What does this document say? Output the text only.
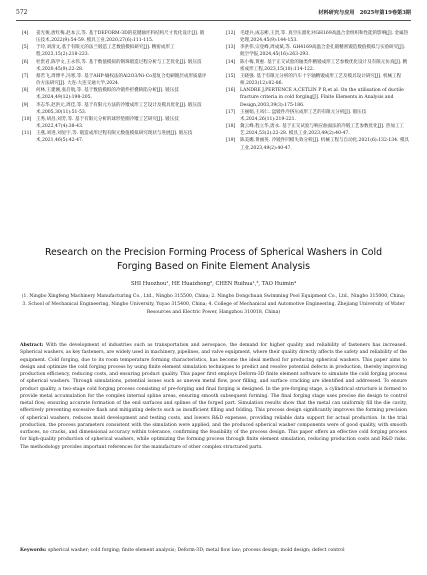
572	材料研究与应用　2025年第19卷第3期
[4]	姜光俊,唐红梅,赵本云,等. 基于DEFORM-3D的花键轴坯料结构尺寸优化设计[J]. 锻压技术,2022(9):54-59. 模具工业,2020,27(6):111-115.
[5]	于玲,刘清文,基于有限元的法兰锻造工艺数值模拟研究[J]. 精密成形工程,2023,15(2):218-223.
[6]	杜贵君,陈学文,王永伟,等. 基于数值模拟的钢珠锻造过程分析与工艺优化[J]. 锻压技术,2020,45(9):22-28.
[7]	蔡若飞,周博平,冯寒,等. 基于AHP-熵权法的Al2O3/Ni-Co基复合电刷镀层成形质量评价方法研究[J]. 大连:大连交通大学,2024.
[8]	何林,王建刚,张启航,等. 基于数值模拟的冷锻件折叠缺陷分析[J]. 锻压技术,2024,49(12):198-205.
[9]	李志华,赵洪元,周佳,等. 基于有限元方法的冷镦成形工艺设计及模具优化[J]. 锻压技术,2005,30(11):51-53.
[10]	王秀,胡昌,刘芳,等. 基于有限元分析的球形垫圈冷镦工艺研究[J]. 锻压技术,2022,47(4):38-43.
[11]	王燕,刘进,刘星宇,等. 锻造成形过程有限元数值模拟研究现状与进展[J]. 锻压技术,2021,46(5):42-47.
[12]	毛建兵,成志彬,王贵,等. 真空压溜化对GH169高温合金组织和性能的影响[J]. 金属热处理,2024,45(9):144-153.
[13]	李洪伟,宗登峰,周成斌,等. GH4169高温合金孔锻精密锻造数值模拟与实验研究[J]. 航空学报,2024,45(16):263-293.
[14]	陈小梅,黄惠. 基于正交试验的轴类件精锻成形工艺参数优化设计及有限元仿真[J]. 精密成形工程,2023,15(10):114-122.
[15]	王晓强. 基于有限元分析的汽车十字轴精锻成形工艺及模具设计研究[J]. 机械工程师,2023(12):82-86.
[16]	LANDRE J,PERTENCE A,CETLIN P R,et al. On the utilisation of ductile fracture criteria in cold forging[J]. Finite Elements in Analysis and Design,2003,39(3):175-186.
[17]	王丽娟,王凤仁. 盘锻件冷挤压成形工艺的有限元分析[J]. 锻压技术,2024,26(11):219-221.
[18]	冀云峰,程立华,唐永. 基于正交试验与响应曲面法的冷锻工艺参数优化[J]. 热加工工艺,2024,53(2):22-28. 模具工业,2023,49(2):40-47.
[19]	陈美娜,黄丽英. 冷锻件凹模失效分析[J]. 机械工程与自动化,2021(6):132-134. 模具工业,2023,49(2):40-47.
Research on the Precision Forming Process of Spherical Washers in Cold Forging Based on Finite Element Analysis
SHI Huozhou¹, HE Huaizhong², CHEN Ruihua¹,³, TAO Huimin⁴
(1. Ningbo Xingfeng Machinery Manufacturing Co., Ltd., Ningbo 315500, China; 2. Ningbo Dongchuan Swimming Pool Equipment Co., Ltd., Ningbo 315000, China; 3. School of Mechanical Engineering, Ningbo University, Yuyao 315400, China; 4. College of Mechanical and Automotive Engineering, Zhejiang University of Water Resources and Electric Power, Hangzhou 310018, China)

Abstract: With the development of industries such as transportation and aerospace, the demand for higher quality and reliability of fasteners has increased. Spherical washers, as key fasteners, are widely used in machinery, pipelines, and valve equipment, where their quality directly affects the safety and reliability of the equipment. Cold forging, due to its room temperature forming characteristics, has become the ideal method for producing spherical washers. This paper aims to design and optimize the cold forging process by using finite element simulation techniques to predict and resolve potential defects in production, thereby improving production efficiency, reducing costs, and ensuring product quality. This paper first employs Deform-3D finite element software to simulate the cold forging process of spherical washers. Through simulations, potential issues such as uneven metal flow, poor filling, and surface cracking are identified and addressed. To ensure product quality, a two-stage cold forging process consisting of pre-forging and final forging is designed. In the pre-forging stage, a cylindrical structure is formed to provide metal accumulation for the complex internal spline areas, ensuring smooth subsequent forming. The final forging stage uses precise die design to control metal flow, ensuring accurate formation of the end surfaces and splines of the forged part. Simulation results show that the metal can uniformly fill the die cavity, effectively preventing excessive flash and mitigating defects such as insufficient filling and folding. This process design significantly improves the forming precision of spherical washers, reduces mold development and testing costs, and lowers R&D expenses, providing reliable data support for actual production. In the trial production, the process parameters consistent with the simulation were applied, and the produced spherical washer components were of good quality, with smooth surfaces, no cracks, and dimensional accuracy within tolerance, confirming the feasibility of the process design. This paper offers an effective cold forging process for high-quality production of spherical washers, while optimizing the forming process through finite element simulation, reducing production costs and R&D risks. The methodology provides important references for the manufacture of other complex structured parts.

Keywords: spherical washer; cold forging; finite element analysis; Deform-3D; metal flow law; process design; mold design; defect control
